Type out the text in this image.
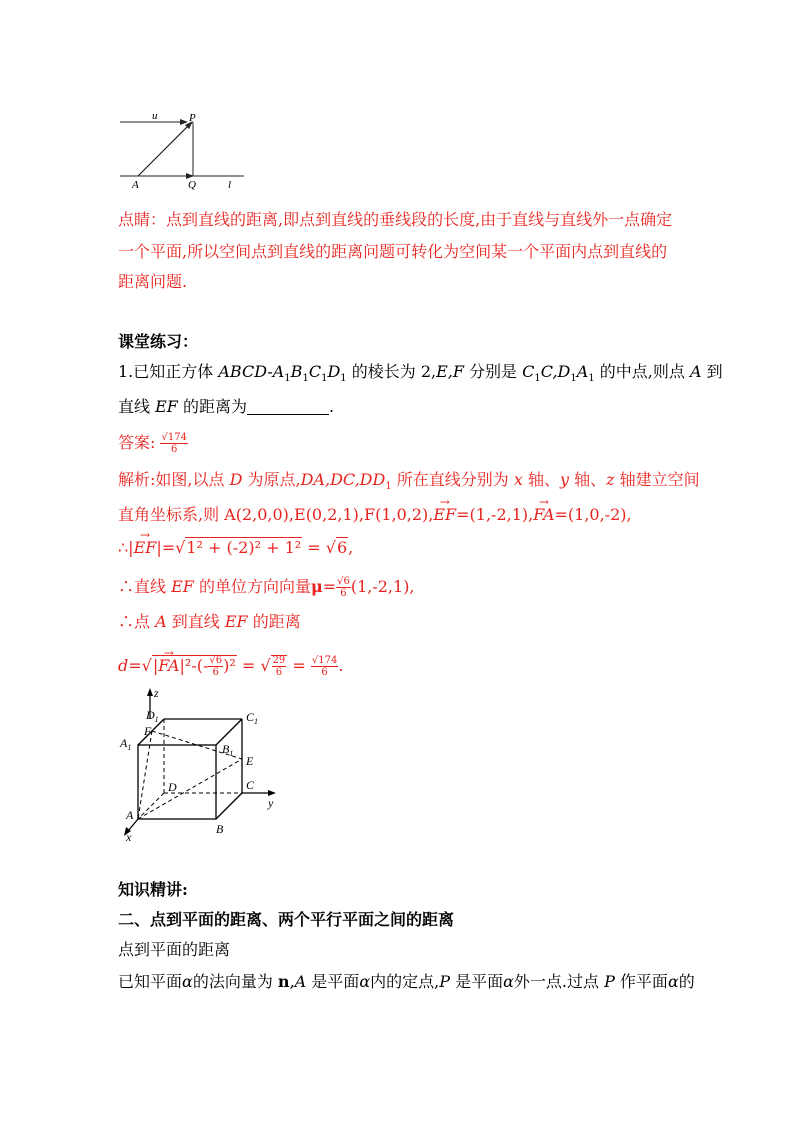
u	P
A	Q	l
点睛：点到直线的距离,即点到直线的垂线段的长度,由于直线与直线外一点确定
一个平面,所以空间点到直线的距离问题可转化为空间某一个平面内点到直线的
距离问题.
课堂练习：
1.已知正方体 ABCD-$A_1B_1C_1D_1$ 的棱长为 2,E,F 分别是 $C_1C,D_1A_1$ 的中点,则点 A 到
直线 EF 的距离为	.
答案: $\frac{√174}{6}$
解析:如图,以点 D 为原点$,DA,DC,DD_1$ 所在直线分别为 x 轴、y 轴、z 轴建立空间
直角坐标系,则 A(2,0,0),E(0,2,1),F(1,0,2),→ EF=(1,-2,1),→ FA=(1,0,-2),
∴|→ EF|=√1² + (-2)² + 1² = √6,
∴直线 EF 的单位方向向量$\mu= \frac{√6}{6} (1,-2,1)$,
∴点 A 到直线 EF 的距离
$d=√|\to FA|^2-(- \frac{√6}{6} )^2$ = √ $\frac{29}{6} = \frac{√174}{6}$ .
z
$D_1$	$C_1$
$A_1$
F
$B_1$
E
D	C
y
A
B
x
知识精讲:
二、点到平面的距离、两个平行平面之间的距离
点到平面的距离
已知平面α的法向量为 n,A 是平面α内的定点,P 是平面α外一点.过点 P 作平面α的
